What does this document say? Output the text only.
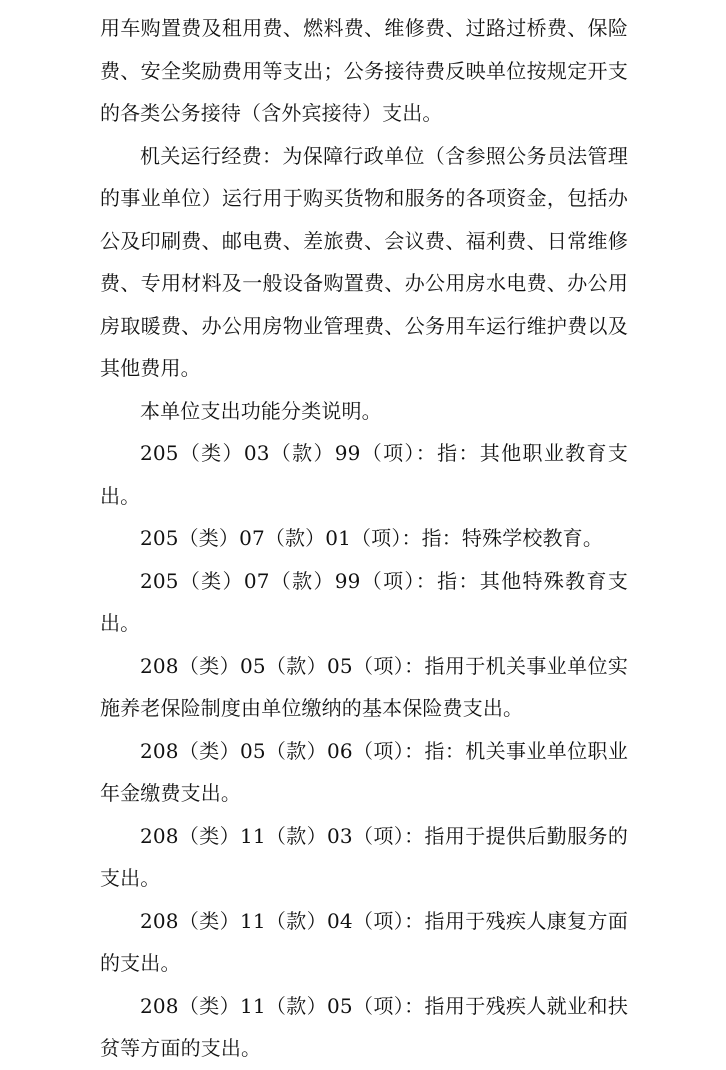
用车购置费及租用费、燃料费、维修费、过路过桥费、保险费、安全奖励费用等支出；公务接待费反映单位按规定开支的各类公务接待（含外宾接待）支出。

机关运行经费：为保障行政单位（含参照公务员法管理的事业单位）运行用于购买货物和服务的各项资金，包括办公及印刷费、邮电费、差旅费、会议费、福利费、日常维修费、专用材料及一般设备购置费、办公用房水电费、办公用房取暖费、办公用房物业管理费、公务用车运行维护费以及其他费用。

本单位支出功能分类说明。

205（类）03（款）99（项）：指：其他职业教育支出。

205（类）07（款）01（项）：指：特殊学校教育。

205（类）07（款）99（项）：指：其他特殊教育支出。

208（类）05（款）05（项）：指用于机关事业单位实施养老保险制度由单位缴纳的基本保险费支出。

208（类）05（款）06（项）：指：机关事业单位职业年金缴费支出。

208（类）11（款）03（项）：指用于提供后勤服务的支出。

208（类）11（款）04（项）：指用于残疾人康复方面的支出。

208（类）11（款）05（项）：指用于残疾人就业和扶贫等方面的支出。
